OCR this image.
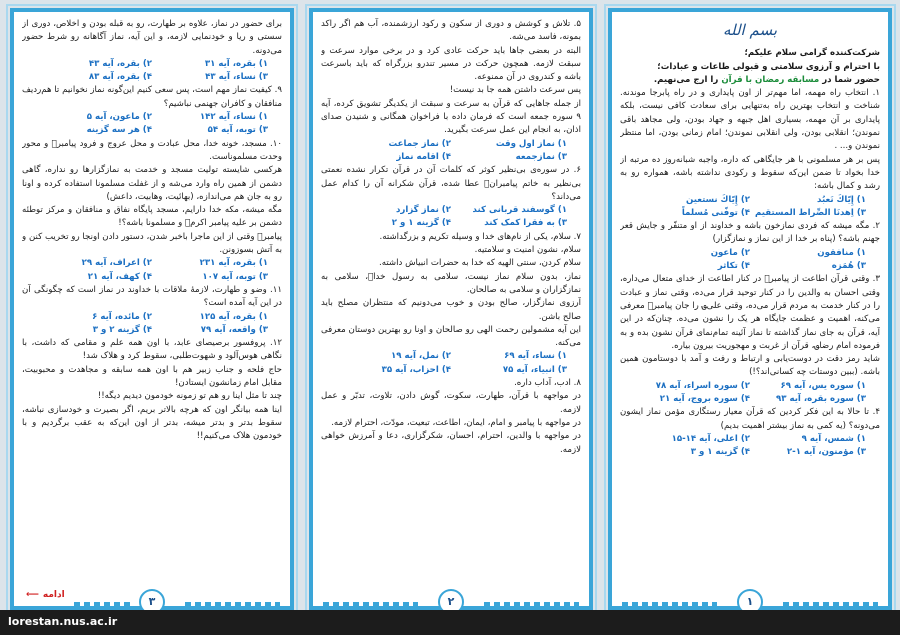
بسم الله

شرکت‌کننده گرامی سلام علیکم؛

با احترام و آرزوی سلامتی و قبولی طاعات و عبادات؛

حضور شما در مسابقه رمضان با قرآن را ارج می‌نهیم.

۱. انتخاب راه مهمه، اما مهم‌تر از اون پایداری و در راه پابرجا موندنه. شناخت و انتخاب بهترین راه به‌تنهایی برای سعادت کافی نیست، بلکه پایداری بر آن مهمه، بسیاری اهل جبهه و جهاد بودن، ولی مجاهد باقی نموندن؛ انقلابی بودن، ولی انقلابی نموندن؛ امام زمانی بودن، اما منتظر نموندن و... .

پس بر هر مسلمونی با هر جایگاهی که داره، واجبه شبانه‌روز ده مرتبه از خدا بخواد تا ضمن این‌که سقوط و رکودی نداشته باشه، همواره رو به رشد و کمال باشه:

۱) إِیّاكَ نَعبُد
۲) إِیّاكَ نستعین
۳) اِهدنَا الصِّراط المستقیم
۴) توفّنی مُسلماً

۲. مگه میشه که فردی نمازخون باشه و خداوند از او متنفّر و جایش قعر جهنم باشه؟ (پناه بر خدا از این نماز و نمازگزار)

۱) منافقون
۲) ماعون
۳) هُمَزه
۴) تکاثر

۳. وقتی قرآن اطاعت از پیامبرؐ در کنار اطاعت از خدای متعال می‌داره، وقتی احسان به والدین را در کنار توحید قرار می‌ده، وقتی نماز و عبادت را در کنار خدمت به مردم قرار می‌ده، وقتی علی؈ را جان پیامبرؐ معرفی می‌کنه، اهمیت و عظمت جایگاه هر یک را نشون می‌ده. چنان‌که در این آیه، قرآن به جای نماز گذاشته تا نماز آئینه تمام‌نمای قرآن نشون بده و به فرموده امام رضا؈، قرآن از غربت و مهجوریت بیرون بیاره.

شاید رمز دقت در دوست‌یابی و ارتباط و رفت و آمد با دوستامون همین باشه. (ببین دوستات چه کسانی‌اند؟!)

۱) سوره یس، آیه ۶۹
۲) سوره اسراء، آیه ۷۸
۳) سوره بقره، آیه ۹۳
۴) سوره بروج، آیه ۲۱

۴. تا حالا به این فکر کردین که قرآن معیار رستگاری مؤمن نماز ایشون می‌دونه؟ (یه کمی به نماز بیشتر اهمیت بدیم)

۱) شمس، آیه ۹
۲) اعلی، آیه ۱۴-۱۵
۳) مؤمنون، آیه ۱-۲
۴) گزینه ۱ و ۳
۱

۵. تلاش و کوشش و دوری از سکون و رکود ارزشمنده، آب هم اگر راکد بمونه، فاسد می‌شه.

البته در بعضی جاها باید حرکت عادی کرد و در برخی موارد سرعت و سبقت لازمه. همچون حرکت در مسیر تندرو بزرگراه که باید باسرعت باشه و کندروی در آن ممنوعه.

پس سرعت داشتن همه جا بد نیست!

از جمله جاهایی که قرآن به سرعت و سبقت از یکدیگر تشویق کرده، آیه ۹ سوره جمعه است که فرمان داده با فراخوان همگانی و شنیدن صدای اذان، به انجام این عمل سرعت بگیرید.

۱) نماز اول وقت
۲) نماز جماعت
۳) نمازجمعه
۴) اقامه نماز

۶. در سوره‌ی بی‌نظیر کوثر که کلمات آن در قرآن تکرار نشده نعمتی بی‌نظیر به خاتم پیامبرانؐ عطا شده، قرآن شکرانه آن را کدام عمل می‌داند؟

۱) گوسفند قربانی کند
۲) نماز گزارد
۳) به فقرا کمک کند
۴) گزینه ۱ و ۲

۷. سلام، یکی از نام‌های خدا و وسیله تکریم و بزرگداشته.

سلام، نشون امنیت و سلامتیه.

سلام کردن، سنتی الهیه که خدا به حضرات انبیاش داشته.

نماز، بدون سلام نماز نیست، سلامی به رسول خداؐ، سلامی به نمازگزاران و سلامی به صالحان.

آرزوی نمازگزار، صالح بودن و خوب می‌دونیم که منتظران مصلح باید صالح باشن.

این آیه مشمولین رحمت الهی رو صالحان و اونا رو بهترین دوستان معرفی می‌کنه.

۱) نساء، آیه ۶۹
۲) نمل، آیه ۱۹
۳) انبیاء، آیه ۷۵
۴) احزاب، آیه ۳۵

۸. ادب، آداب داره.

در مواجهه با قرآن، طهارت، سکوت، گوش دادن، تلاوت، تدبّر و عمل لازمه.

در مواجهه با پیامبر و امام، ایمان، اطاعت، تبعیت، مودّت، احترام لازمه.

در مواجهه با والدین، احترام، احسان، شکرگزاری، دعا و آمرزش خواهی لازمه.

۲

برای حضور در نماز، علاوه بر طهارت، رو به قبله بودن و اخلاص، دوری از سستی و ریا و خودنمایی لازمه، و این آیه، نماز آگاهانه رو شرط حضور می‌دونه.

۱) بقره، آیه ۳۱
۲) بقره، آیه ۴۳
۳) نساء، آیه ۴۳
۴) بقره، آیه ۸۳

۹. کیفیت نماز مهم است، پس سعی کنیم این‌گونه نماز نخوانیم تا هم‌ردیف منافقان و کافران جهنمی نباشیم؟

۱) نساء، آیه ۱۴۲
۲) ماعون، آیه ۵
۳) توبه، آیه ۵۴
۴) هر سه گزینه

۱۰. مسجد، خونه خدا، محل عبادت و محل عروج و فرود پیامبرؐ و محور وحدت مسلموناست.

هرکسی شایسته تولیت مسجد و خدمت به نمازگزارها رو نداره، گاهی دشمن از همین راه وارد می‌شه و از غفلت مسلمونا استفاده کرده و اونا رو به جان هم می‌اندازه، (بهائیت، وهابیت، داعش)

مگه میشه، مکه خدا دارایم، مسجد پایگاه نفاق و منافقان و مرکز توطئه دشمن بر علیه پیامبر اکرمؐ و مسلمونا باشه؟!

پیامبرؐ وقتی از این ماجرا باخبر شدن، دستور دادن اونجا رو تخریب کنن و به آتش بسوزونن.

۱) بقره، آیه ۲۳۱
۲) اعراف، آیه ۲۹
۳) توبه، آیه ۱۰۷
۴) کهف، آیه ۲۱

۱۱. وضو و طهارت، لازمهٔ ملاقات با خداوند در نماز است که چگونگی آن در این آیه آمده است؟

۱) بقره، آیه ۱۲۵
۲) مائده، آیه ۶
۳) واقعه، آیه ۷۹
۴) گزینه ۲ و ۳

۱۲. پروفسور برصیصای عابد، با اون همه علم و مقامی که داشت، با نگاهی هوس‌آلود و شهوت‌طلبی، سقوط کرد و هلاک شد!

حاج فلحه و جناب زبیر هم با اون همه سابقه و مجاهدت و محبوبیت، مقابل امام زمانشون ایستادن!

چند تا مثل اینا رو هم تو زمونه خودمون دیدیم دیگه!!

اینا همه بیانگر اون که هرچه بالاتر بریم، اگر بصیرت و خودسازی نباشه، سقوط بدتر و بدتر میشه، بدتر از اون این‌که به عقب برگردیم و با خودمون هلاک می‌کنیم!!

ادامه⟵	۳
lorestan.nus.ac.ir
